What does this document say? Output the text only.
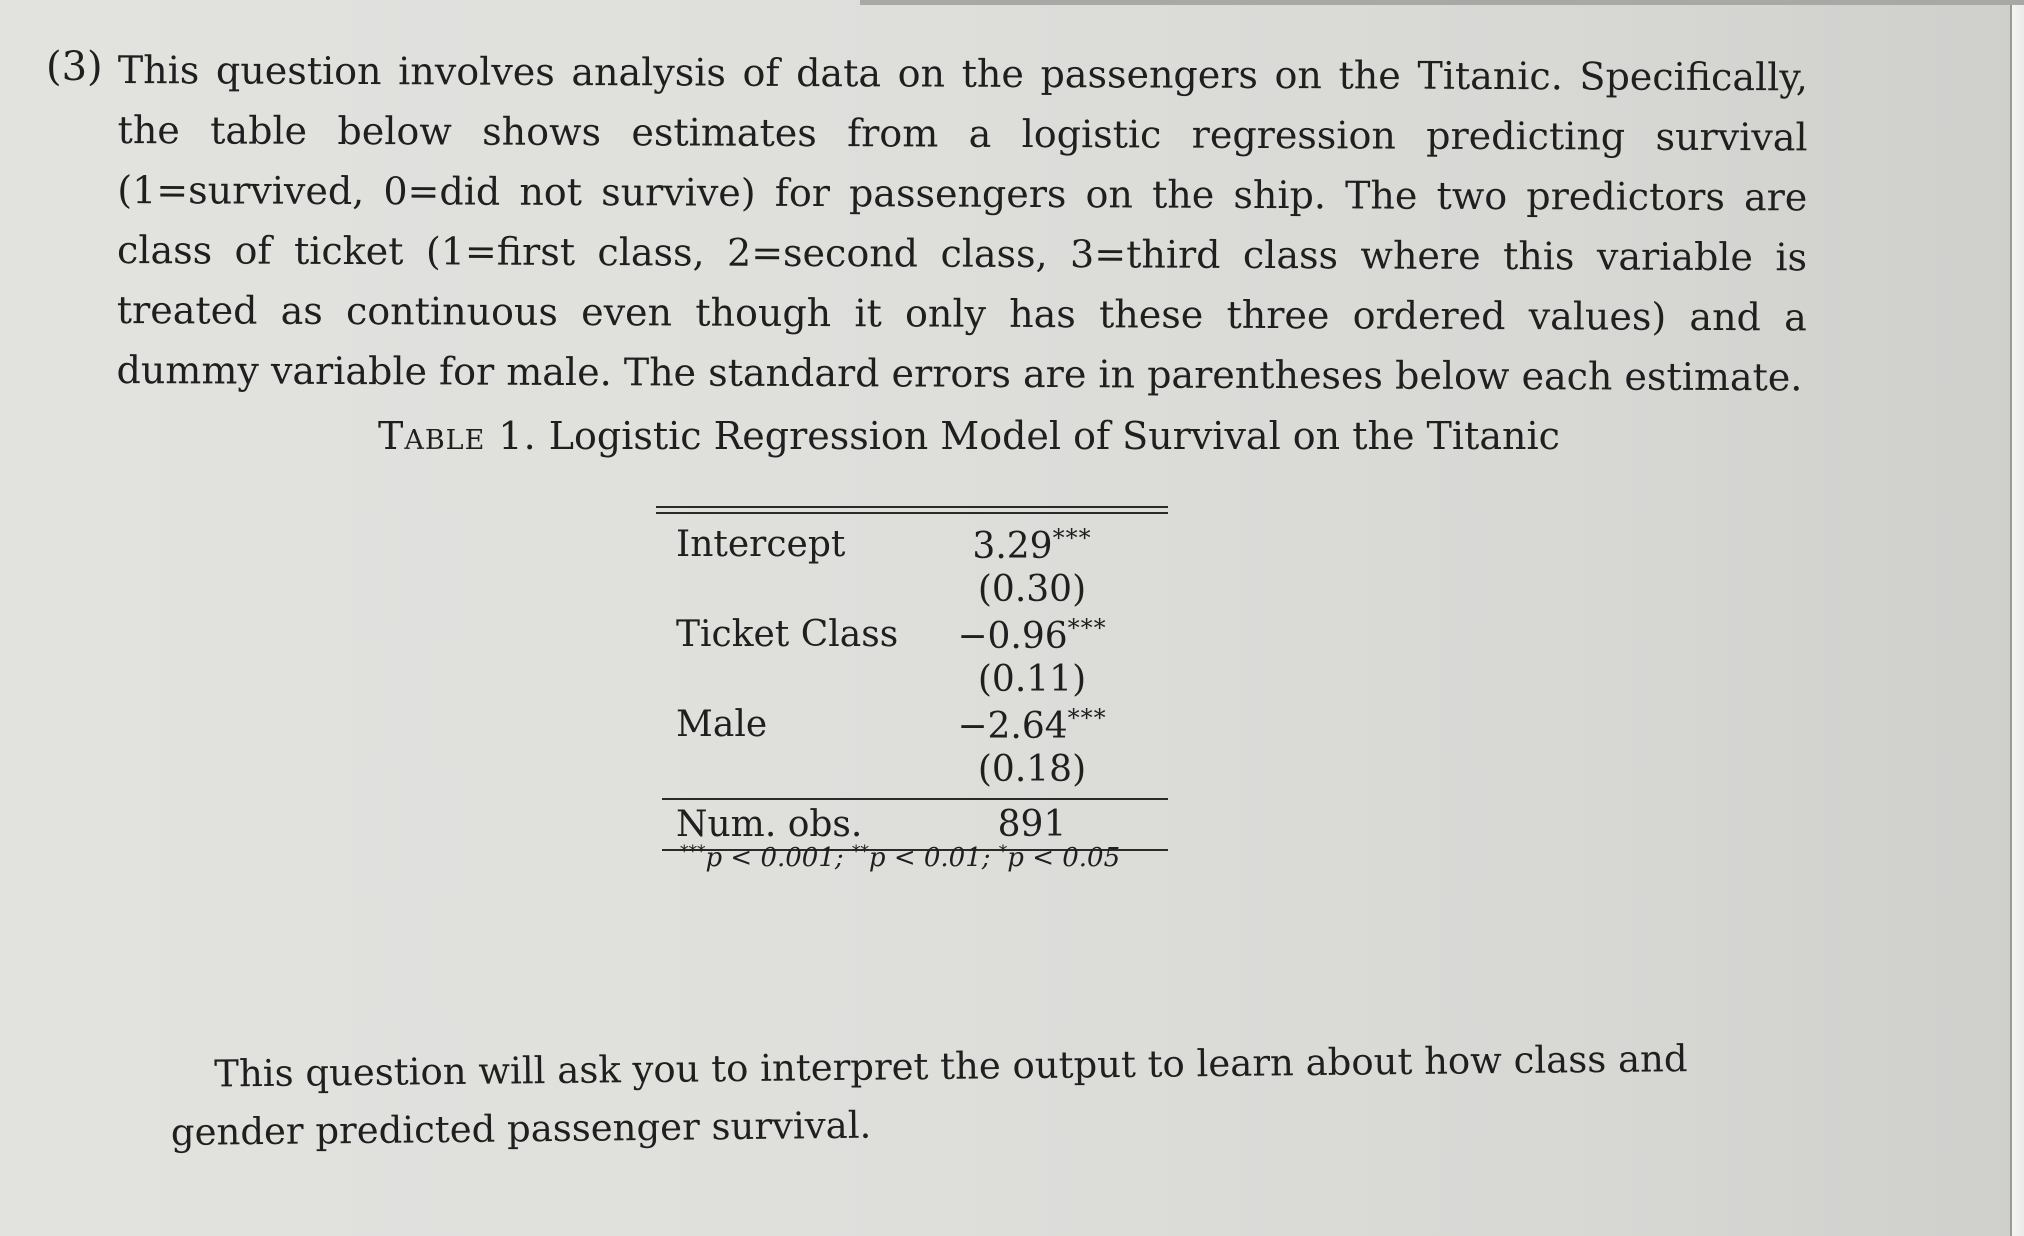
(3) This question involves analysis of data on the passengers on the Titanic. Specifically, the table below shows estimates from a logistic regression predicting survival (1=survived, 0=did not survive) for passengers on the ship. The two predictors are class of ticket (1=first class, 2=second class, 3=third class where this variable is treated as continuous even though it only has these three ordered values) and a dummy variable for male. The standard errors are in parentheses below each estimate.
Table 1. Logistic Regression Model of Survival on the Titanic
Intercept	3.29***
(0.30)
Ticket Class −0.96***
(0.11)
Male	−2.64***
(0.18)
Num. obs.	891
***p < 0.001; **p < 0.01; *p < 0.05
This question will ask you to interpret the output to learn about how class and gender predicted passenger survival.
